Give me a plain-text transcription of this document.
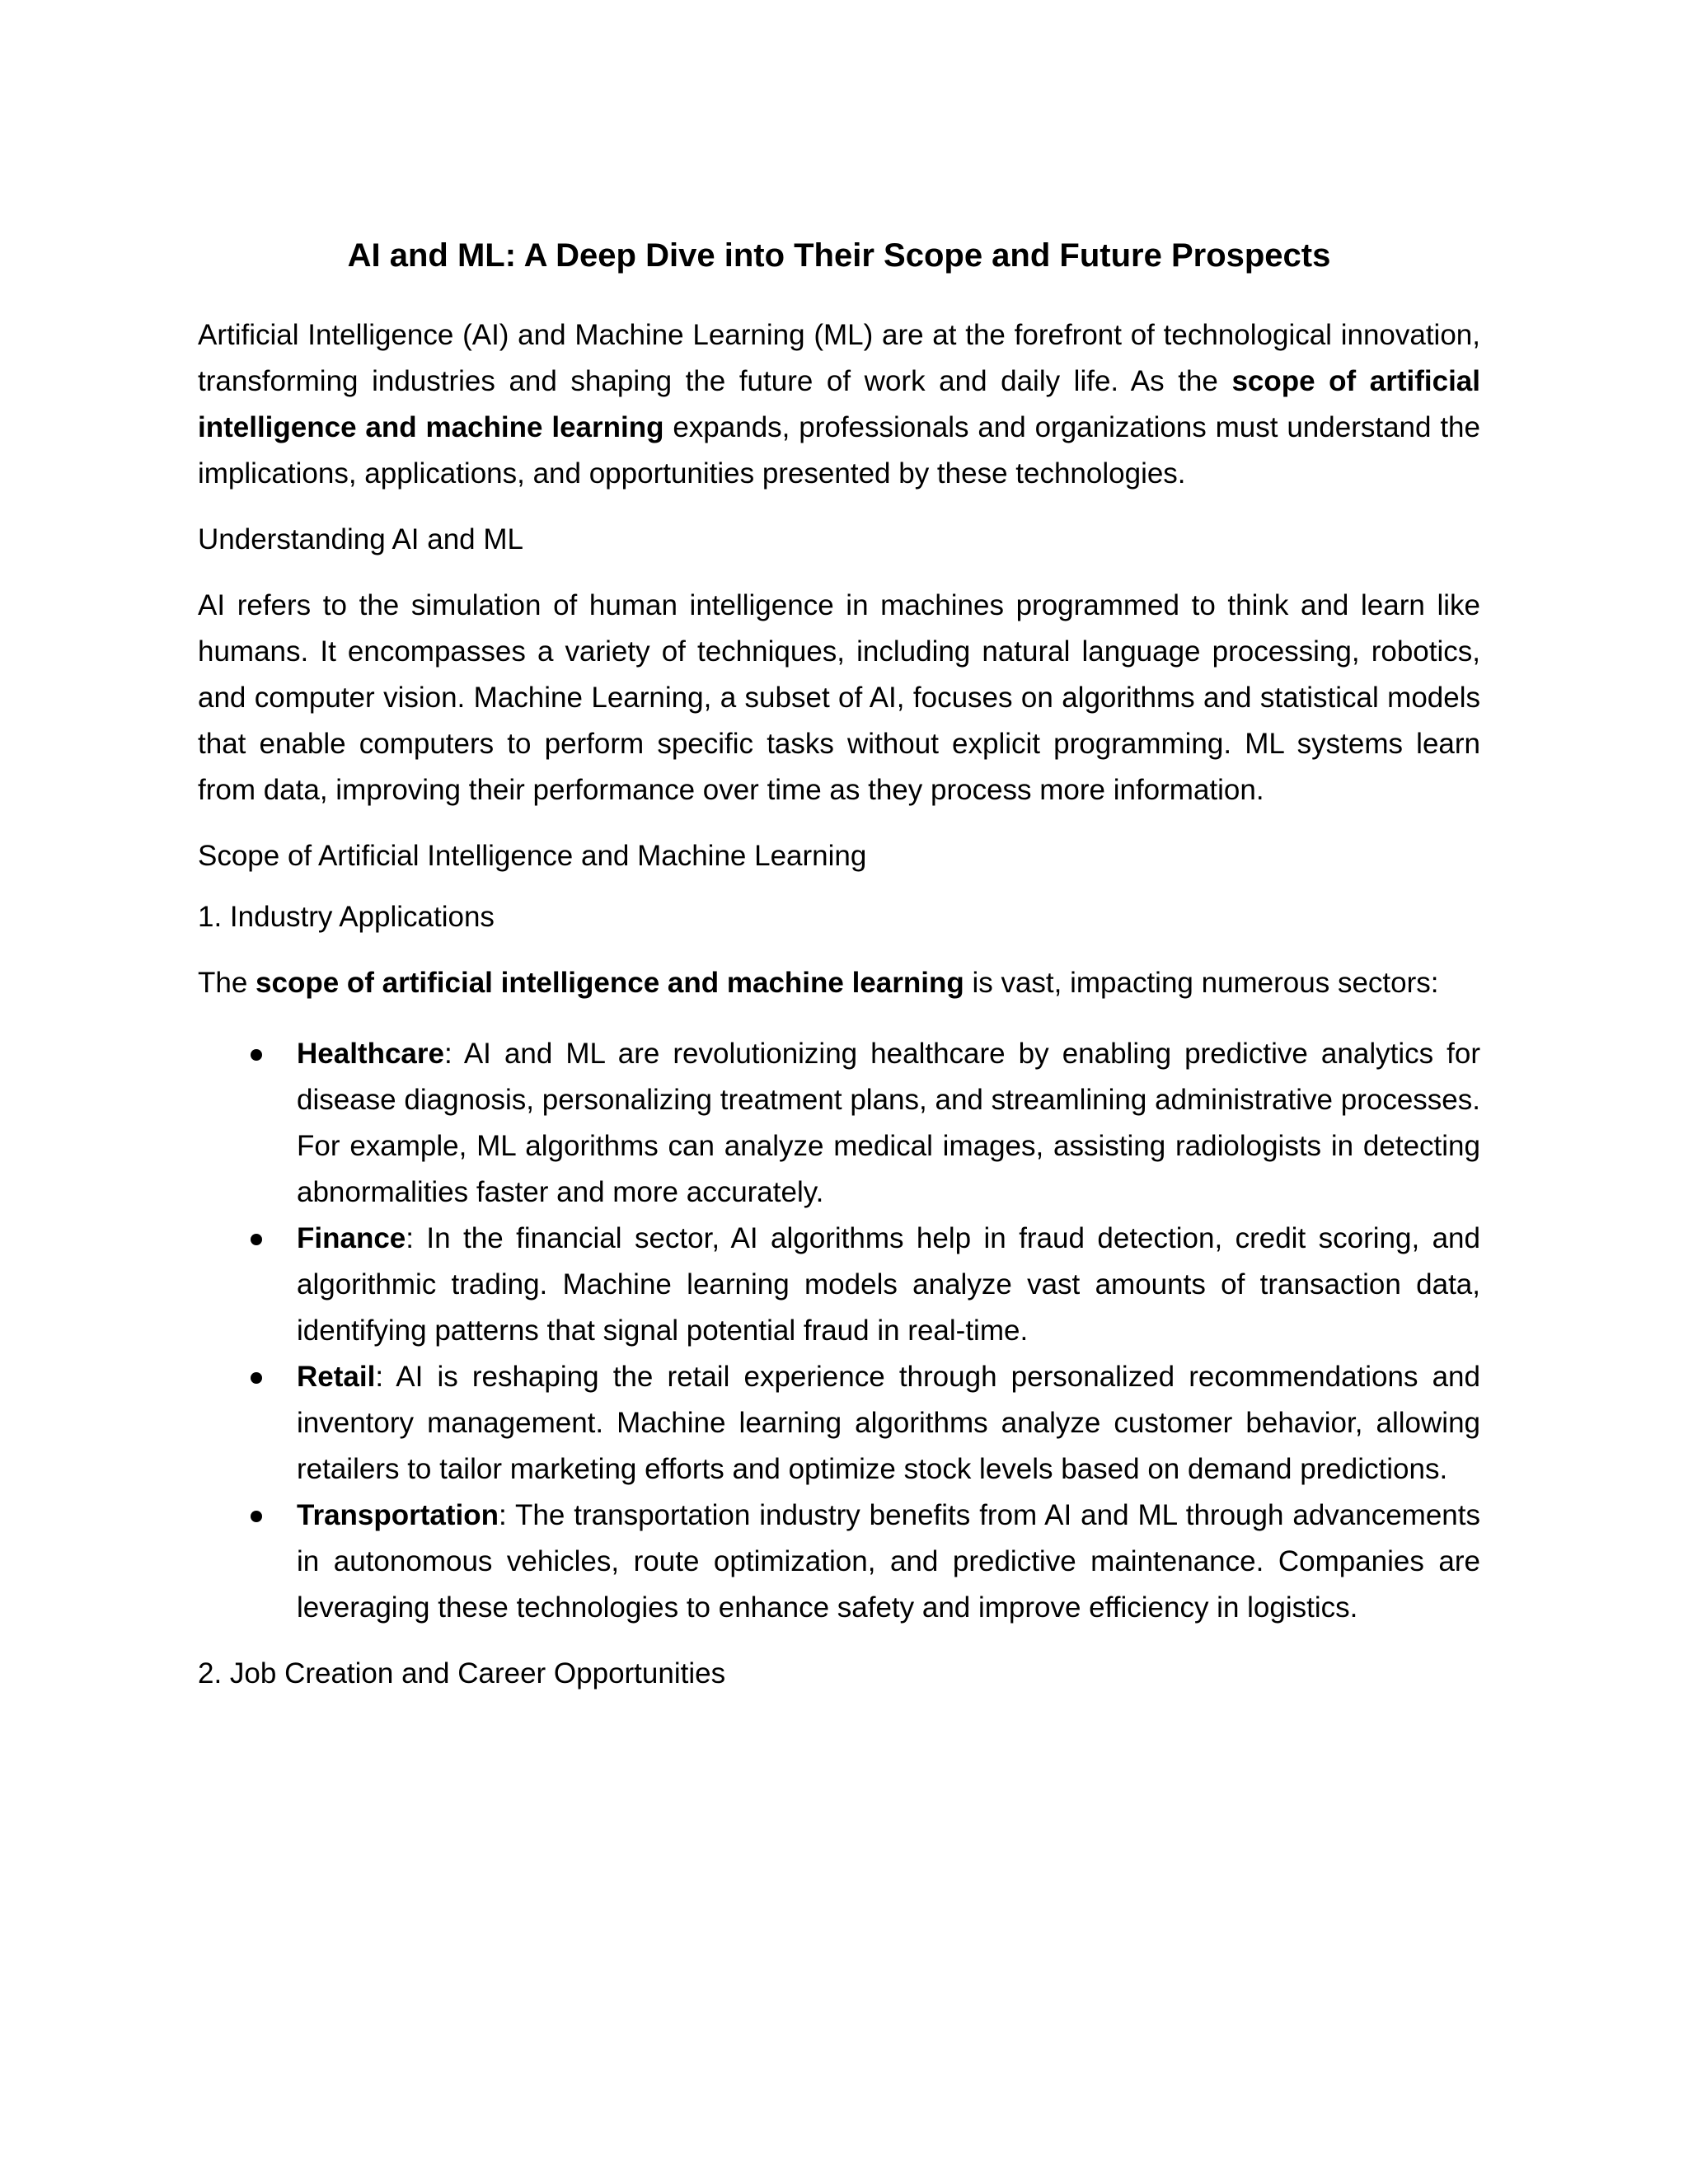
AI and ML: A Deep Dive into Their Scope and Future Prospects

Artificial Intelligence (AI) and Machine Learning (ML) are at the forefront of technological innovation, transforming industries and shaping the future of work and daily life. As the scope of artificial intelligence and machine learning expands, professionals and organizations must understand the implications, applications, and opportunities presented by these technologies.

Understanding AI and ML

AI refers to the simulation of human intelligence in machines programmed to think and learn like humans. It encompasses a variety of techniques, including natural language processing, robotics, and computer vision. Machine Learning, a subset of AI, focuses on algorithms and statistical models that enable computers to perform specific tasks without explicit programming. ML systems learn from data, improving their performance over time as they process more information.

Scope of Artificial Intelligence and Machine Learning
1. Industry Applications

The scope of artificial intelligence and machine learning is vast, impacting numerous sectors:

Healthcare: AI and ML are revolutionizing healthcare by enabling predictive analytics for disease diagnosis, personalizing treatment plans, and streamlining administrative processes. For example, ML algorithms can analyze medical images, assisting radiologists in detecting abnormalities faster and more accurately.
Finance: In the financial sector, AI algorithms help in fraud detection, credit scoring, and algorithmic trading. Machine learning models analyze vast amounts of transaction data, identifying patterns that signal potential fraud in real-time.
Retail: AI is reshaping the retail experience through personalized recommendations and inventory management. Machine learning algorithms analyze customer behavior, allowing retailers to tailor marketing efforts and optimize stock levels based on demand predictions.
Transportation: The transportation industry benefits from AI and ML through advancements in autonomous vehicles, route optimization, and predictive maintenance. Companies are leveraging these technologies to enhance safety and improve efficiency in logistics.
2. Job Creation and Career Opportunities
